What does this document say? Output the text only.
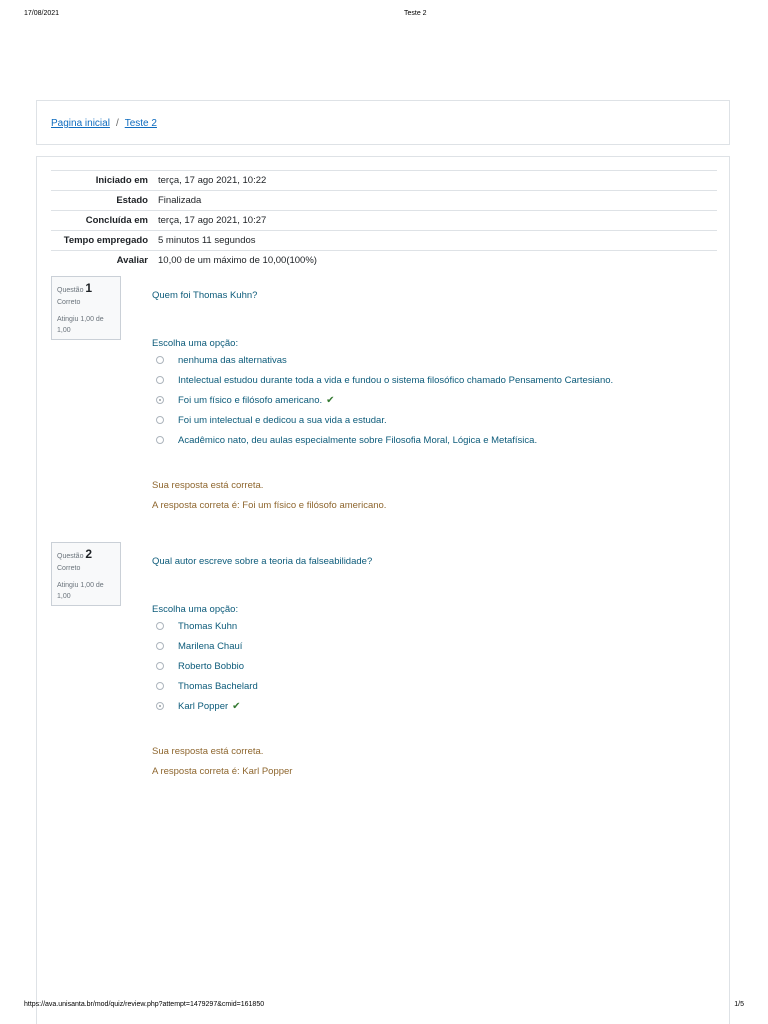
17/08/2021	Teste 2
Pagina inicial / Teste 2
Iniciado em	terça, 17 ago 2021, 10:22
Estado	Finalizada
Concluída em	terça, 17 ago 2021, 10:27
Tempo empregado	5 minutos 11 segundos
Avaliar	10,00 de um máximo de 10,00(100%)
Questão 1
Correto
Atingiu 1,00 de 1,00
Quem foi Thomas Kuhn?
Escolha uma opção:
nenhuma das alternativas
Intelectual estudou durante toda a vida e fundou o sistema filosófico chamado Pensamento Cartesiano.
Foi um físico e filósofo americano. ✔
Foi um intelectual e dedicou a sua vida a estudar.
Acadêmico nato, deu aulas especialmente sobre Filosofia Moral, Lógica e Metafísica.
Sua resposta está correta.
A resposta correta é: Foi um físico e filósofo americano.
Questão 2
Correto
Atingiu 1,00 de 1,00
Qual autor escreve sobre a teoria da falseabilidade?
Escolha uma opção:
Thomas Kuhn
Marilena Chauí
Roberto Bobbio
Thomas Bachelard
Karl Popper ✔
Sua resposta está correta.
A resposta correta é: Karl Popper
https://ava.unisanta.br/mod/quiz/review.php?attempt=1479297&cmid=161850	1/5
